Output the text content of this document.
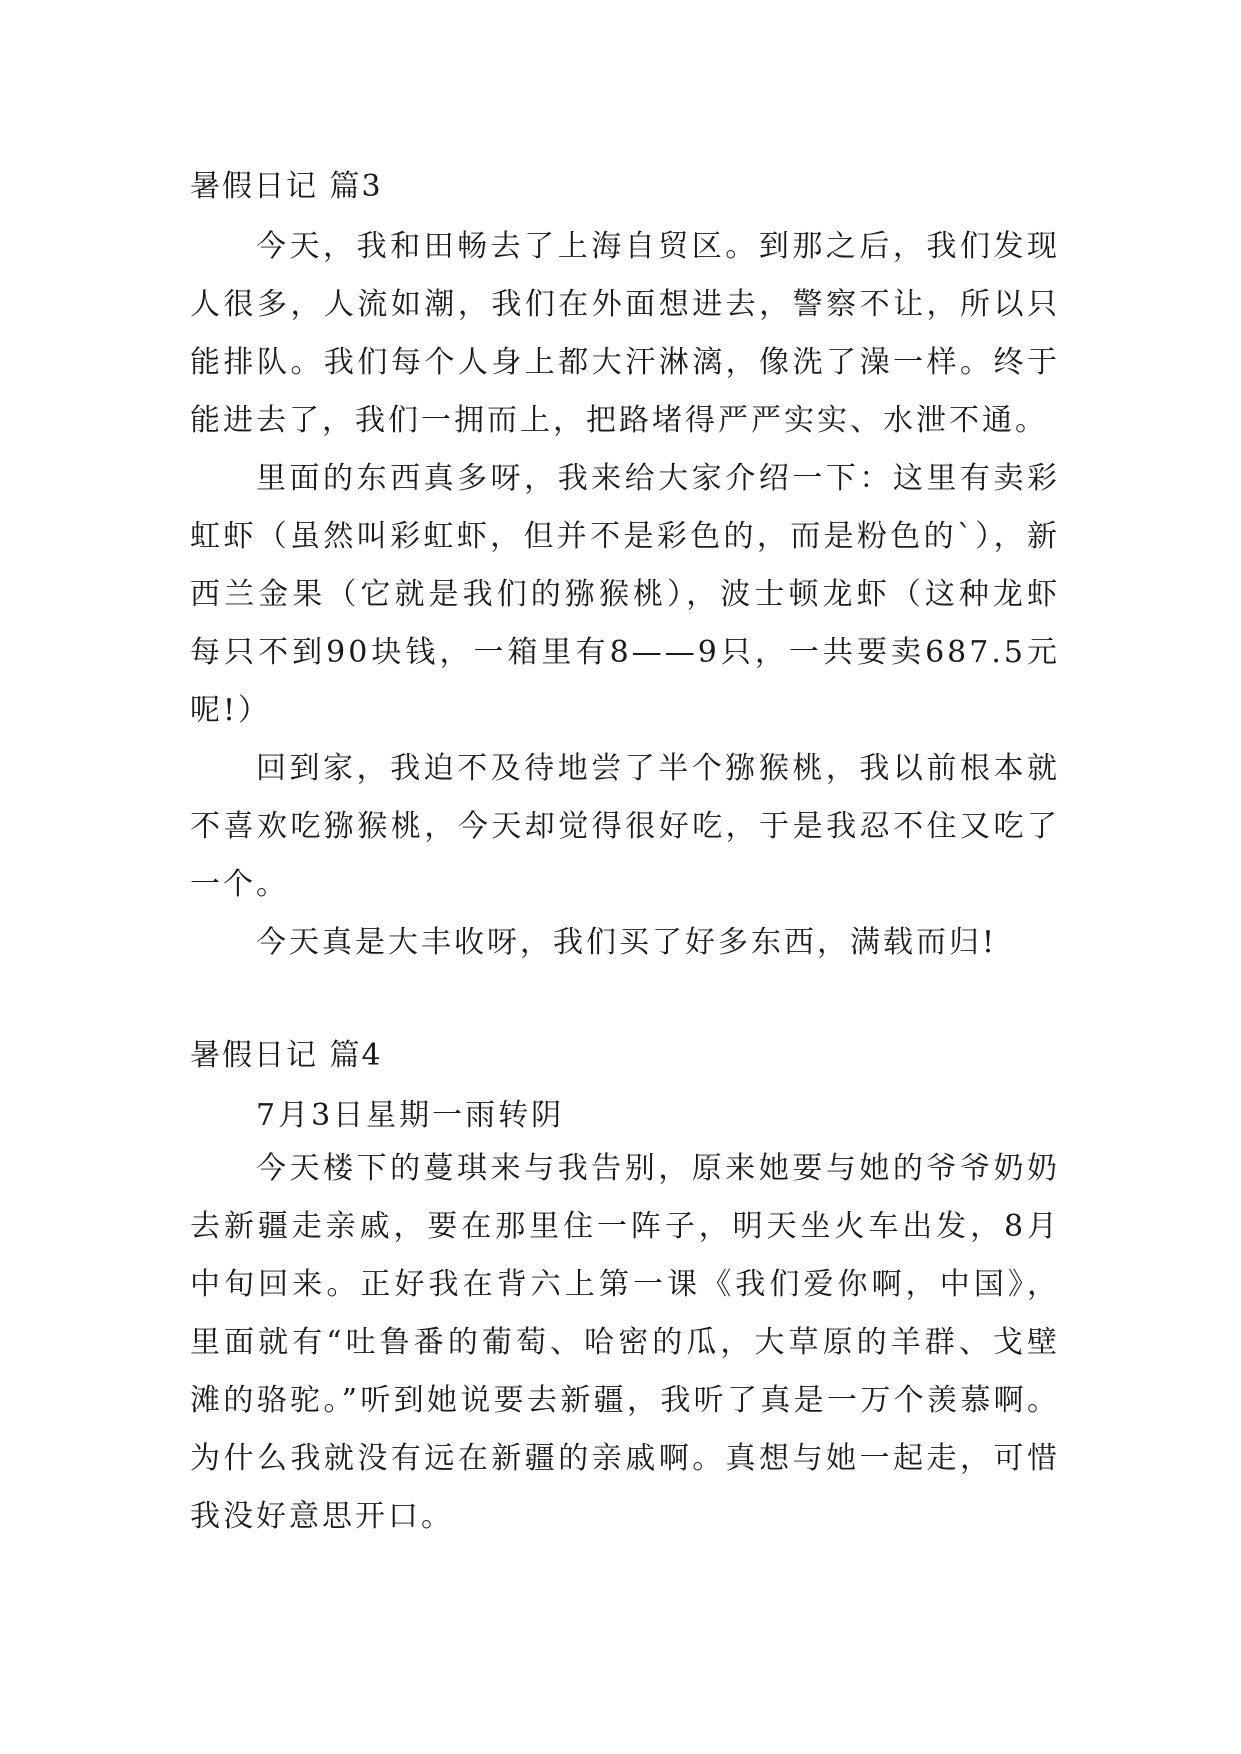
暑假日记 篇3

今天，我和田畅去了上海自贸区。到那之后，我们发现人很多，人流如潮，我们在外面想进去，警察不让，所以只能排队。我们每个人身上都大汗淋漓，像洗了澡一样。终于能进去了，我们一拥而上，把路堵得严严实实、水泄不通。

里面的东西真多呀，我来给大家介绍一下：这里有卖彩虹虾（虽然叫彩虹虾，但并不是彩色的，而是粉色的`），新西兰金果（它就是我们的猕猴桃），波士顿龙虾（这种龙虾每只不到90块钱，一箱里有8——9只，一共要卖687.5元呢!）

回到家，我迫不及待地尝了半个猕猴桃，我以前根本就不喜欢吃猕猴桃，今天却觉得很好吃，于是我忍不住又吃了一个。

今天真是大丰收呀，我们买了好多东西，满载而归!

暑假日记 篇4
7月3日星期一雨转阴

今天楼下的蔓琪来与我告别，原来她要与她的爷爷奶奶去新疆走亲戚，要在那里住一阵子，明天坐火车出发，8月中旬回来。正好我在背六上第一课《我们爱你啊，中国》，里面就有“吐鲁番的葡萄、哈密的瓜，大草原的羊群、戈壁滩的骆驼。”听到她说要去新疆，我听了真是一万个羡慕啊。为什么我就没有远在新疆的亲戚啊。真想与她一起走，可惜我没好意思开口。
